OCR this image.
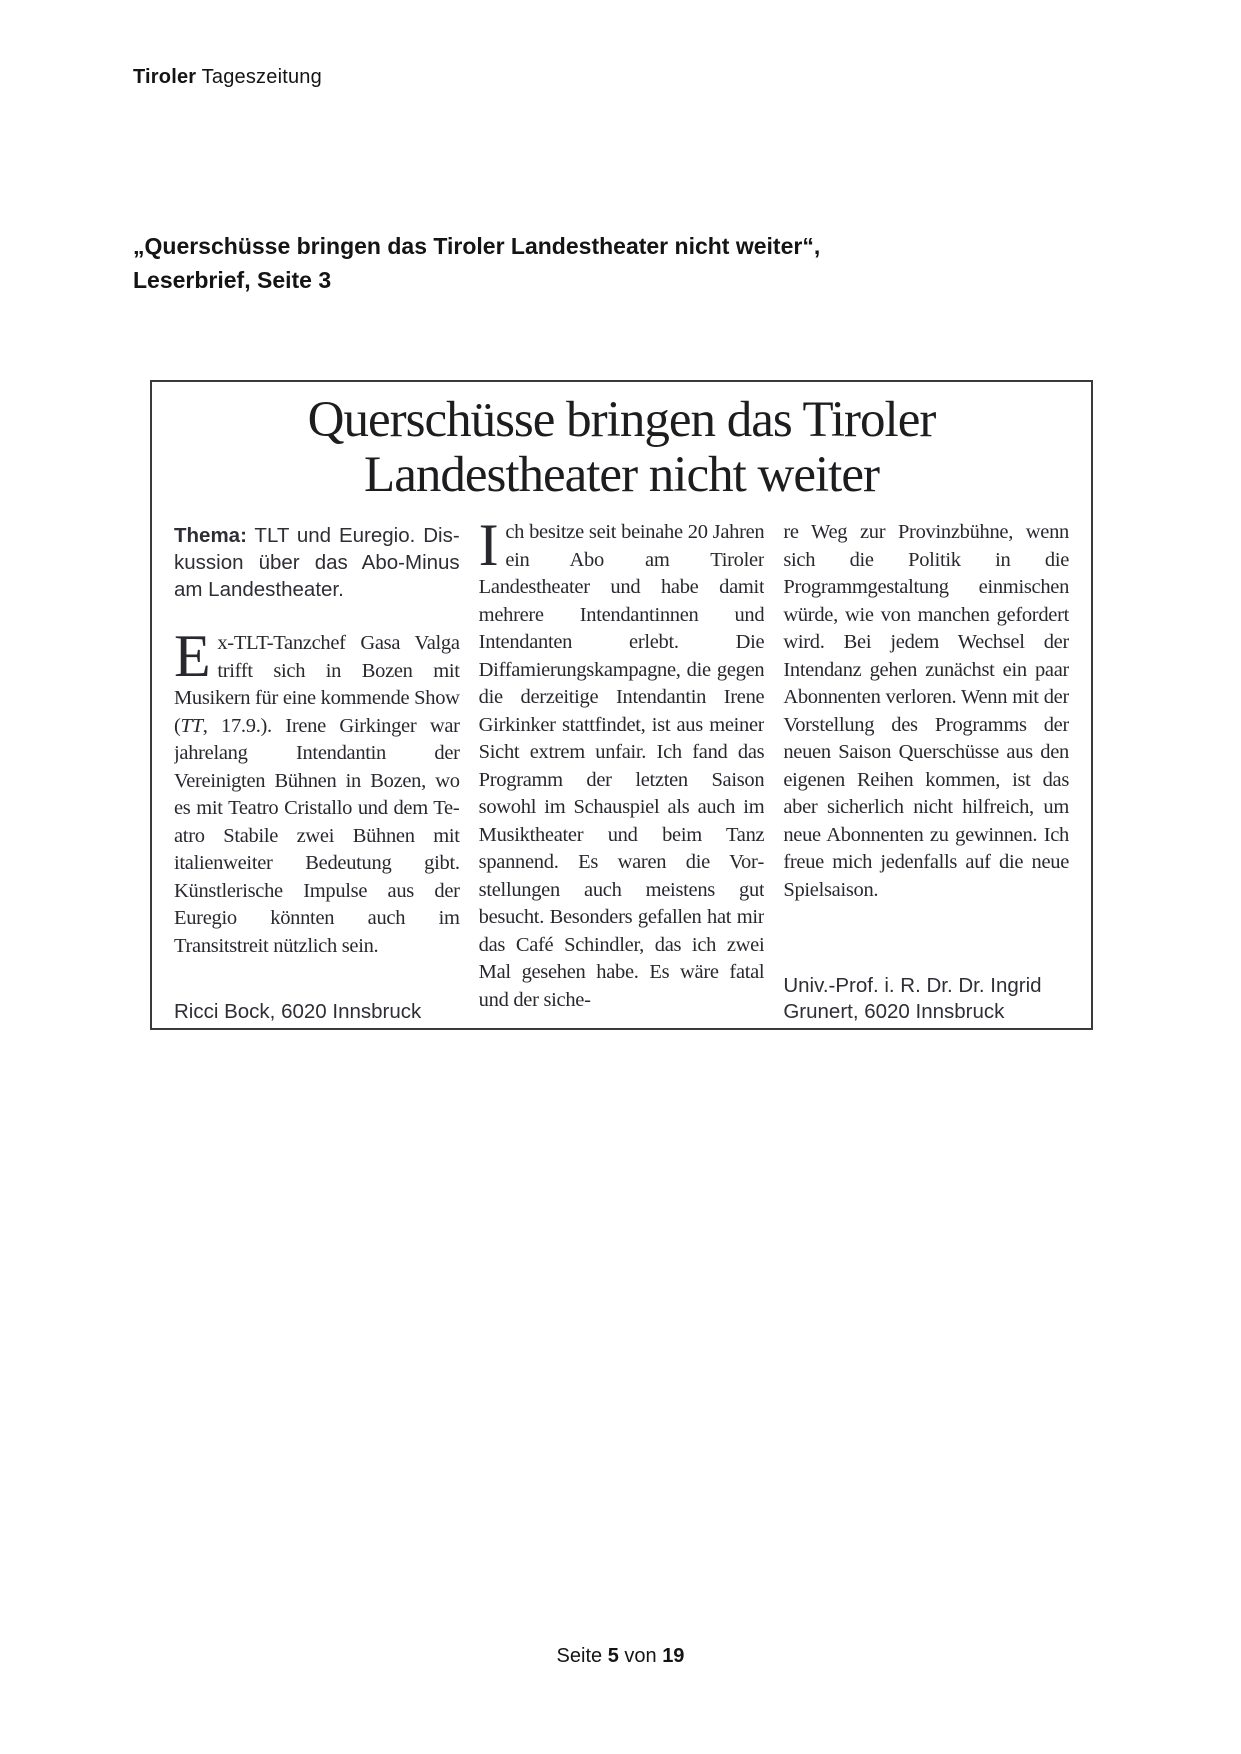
Tiroler Tageszeitung
„Querschüsse bringen das Tiroler Landestheater nicht weiter“,
Leserbrief, Seite 3
Querschüsse bringen das Tiroler
Landestheater nicht weiter

Thema: TLT und Euregio. Diskussion über das Abo-Minus am Landestheater.

Ex-TLT-Tanzchef Gasa Valga trifft sich in Bozen mit Musikern für eine kommende Show (TT, 17.9.). Irene Girkinger war jahrelang Intendantin der Vereinigten Bühnen in Bozen, wo es mit Teatro Cristallo und dem Teatro Stabile zwei Bühnen mit italienweiter Bedeutung gibt. Künstlerische Impulse aus der Euregio könnten auch im Transitstreit nützlich sein.

Ricci Bock, 6020 Innsbruck

Ich besitze seit beinahe 20 Jahren ein Abo am Tiroler Landestheater und habe damit mehrere Intendantinnen und Intendanten erlebt. Die Diffamierungskampagne, die gegen die derzeitige Intendantin Irene Girkinker stattfindet, ist aus meiner Sicht extrem unfair. Ich fand das Programm der letzten Saison sowohl im Schauspiel als auch im Musiktheater und beim Tanz spannend. Es waren die Vorstellungen auch meistens gut besucht. Besonders gefallen hat mir das Café Schindler, das ich zwei Mal gesehen habe. Es wäre fatal und der siche-

re Weg zur Provinzbühne, wenn sich die Politik in die Programmgestaltung einmischen würde, wie von manchen gefordert wird. Bei jedem Wechsel der Intendanz gehen zunächst ein paar Abonnenten verloren. Wenn mit der Vorstellung des Programms der neuen Saison Querschüsse aus den eigenen Reihen kommen, ist das aber sicherlich nicht hilfreich, um neue Abonnenten zu gewinnen. Ich freue mich jedenfalls auf die neue Spielsaison.

Univ.-Prof. i. R. Dr. Dr. Ingrid Grunert, 6020 Innsbruck
Seite 5 von 19
